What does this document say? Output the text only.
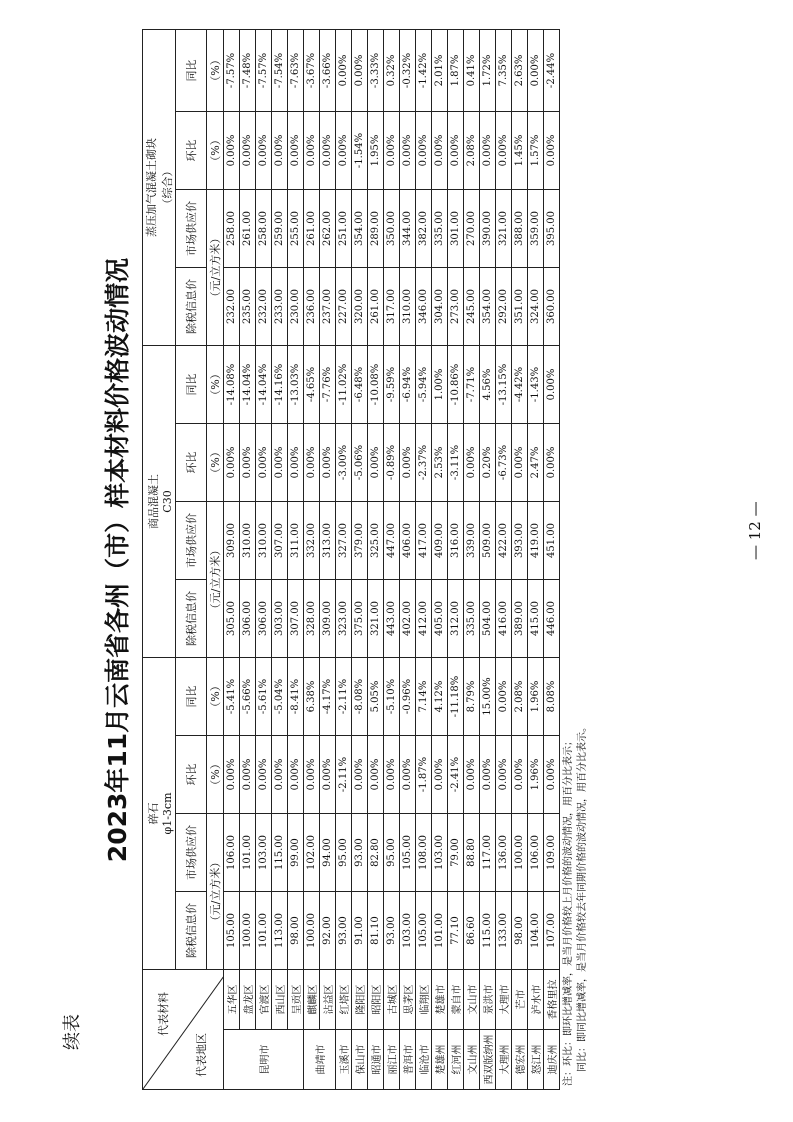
续表
— 12 —
2023年11月云南省各州（市）样本材料价格波动情况
代表材料
代表地区		碎石
φ1-3cm				商品混凝土
C30				蒸压加气混凝土砌块 （综合）			
		除税信息价	市场供应价	环比	同比	除税信息价	市场供应价	环比	同比	除税信息价	市场供应价	环比	同比
		（元/立方米）		（%）	（%）	（元/立方米）		（%）	（%）	（元/立方米）		（%）	（%）
昆明市	五华区	105.00	106.00	0.00%	-5.41%	305.00	309.00	0.00%	-14.08%	232.00	258.00	0.00%	-7.57%
	盘龙区	100.00	101.00	0.00%	-5.66%	306.00	310.00	0.00%	-14.04%	235.00	261.00	0.00%	-7.48%
	官渡区	101.00	103.00	0.00%	-5.61%	306.00	310.00	0.00%	-14.04%	232.00	258.00	0.00%	-7.57%
	西山区	113.00	115.00	0.00%	-5.04%	303.00	307.00	0.00%	-14.16%	233.00	259.00	0.00%	-7.54%
	呈贡区	98.00	99.00	0.00%	-8.41%	307.00	311.00	0.00%	-13.03%	230.00	255.00	0.00%	-7.63%
曲靖市	麒麟区	100.00	102.00	0.00%	6.38%	328.00	332.00	0.00%	-4.65%	236.00	261.00	0.00%	-3.67%
	沾益区	92.00	94.00	0.00%	-4.17%	309.00	313.00	0.00%	-7.76%	237.00	262.00	0.00%	-3.66%
玉溪市	红塔区	93.00	95.00	-2.11%	-2.11%	323.00	327.00	-3.00%	-11.02%	227.00	251.00	0.00%	0.00%
保山市	隆阳区	91.00	93.00	0.00%	-8.08%	375.00	379.00	-5.06%	-6.48%	320.00	354.00	-1.54%	0.00%
昭通市	昭阳区	81.10	82.80	0.00%	5.05%	321.00	325.00	0.00%	-10.08%	261.00	289.00	1.95%	-3.33%
丽江市	古城区	93.00	95.00	0.00%	-5.10%	443.00	447.00	-0.89%	-9.59%	317.00	350.00	0.00%	0.32%
普洱市	思茅区	103.00	105.00	0.00%	-0.96%	402.00	406.00	0.00%	-6.94%	310.00	344.00	0.00%	-0.32%
临沧市	临翔区	105.00	108.00	-1.87%	7.14%	412.00	417.00	-2.37%	-5.94%	346.00	382.00	0.00%	-1.42%
楚雄州	楚雄市	101.00	103.00	0.00%	4.12%	405.00	409.00	2.53%	1.00%	304.00	335.00	0.00%	2.01%
红河州	蒙自市	77.10	79.00	-2.41%	-11.18%	312.00	316.00	-3.11%	-10.86%	273.00	301.00	0.00%	1.87%
文山州	文山市	86.60	88.80	0.00%	8.79%	335.00	339.00	0.00%	-7.71%	245.00	270.00	2.08%	0.41%
西双版纳州	景洪市	115.00	117.00	0.00%	15.00%	504.00	509.00	0.20%	4.56%	354.00	390.00	0.00%	1.72%
大理州	大理市	133.00	136.00	0.00%	0.00%	416.00	422.00	-6.73%	-13.15%	292.00	321.00	0.00%	7.35%
德宏州	芒市	98.00	100.00	0.00%	2.08%	389.00	393.00	0.00%	-4.42%	351.00	388.00	1.45%	2.63%
怒江州	泸水市	104.00	106.00	1.96%	1.96%	415.00	419.00	2.47%	-1.43%	324.00	359.00	1.57%	0.00%
迪庆州	香格里拉	107.00	109.00	0.00%	8.08%	446.00	451.00	0.00%	0.00%	360.00	395.00	0.00%	-2.44%
注：环比：即环比增减率，是当月价格较上月价格的波动情况，用百分比表示； 同比：即同比增减率，是当月价格较去年同期价格的波动情况，用百分比表示。
